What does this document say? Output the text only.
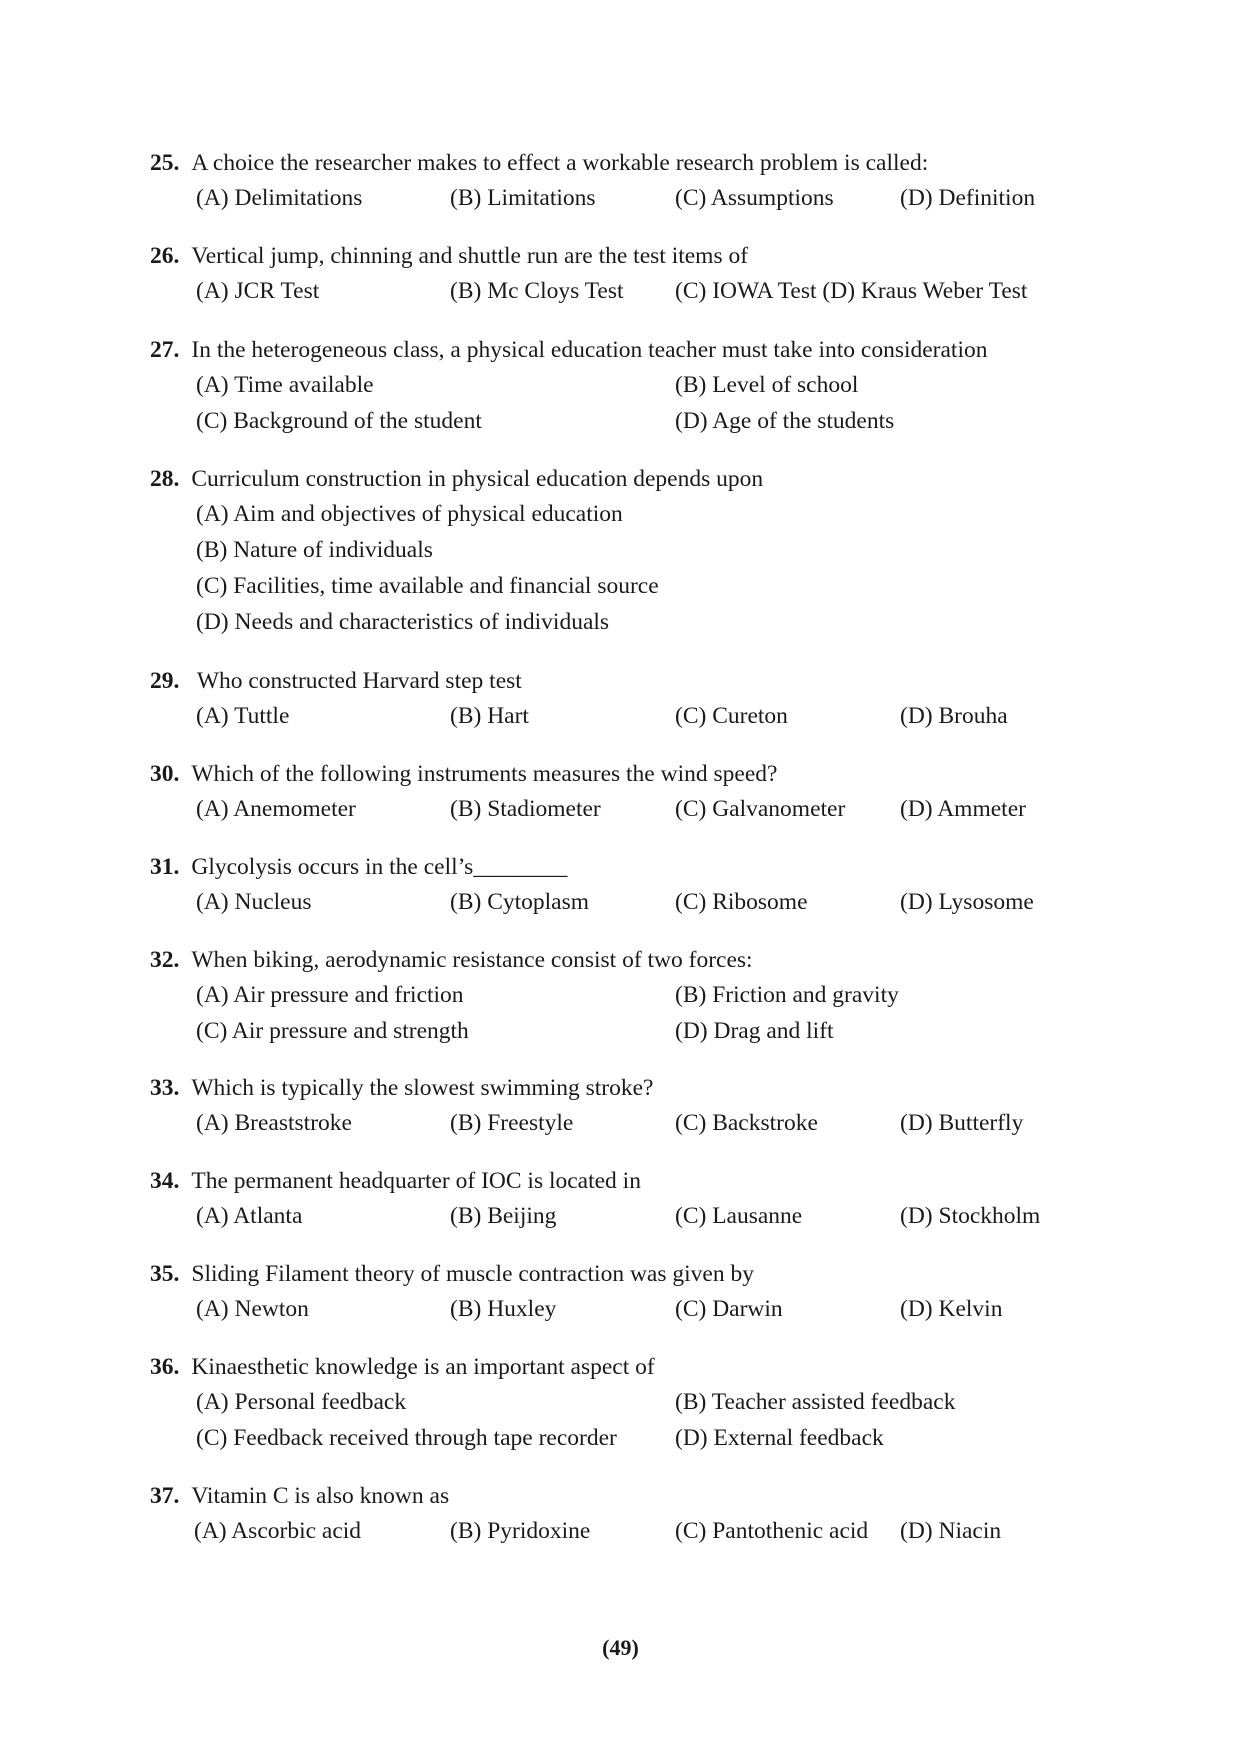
25. A choice the researcher makes to effect a workable research problem is called:
(A) Delimitations	(B) Limitations	(C) Assumptions	(D) Definition
26. Vertical jump, chinning and shuttle run are the test items of
(A) JCR Test	(B) Mc Cloys Test (C) IOWA Test (D) Kraus Weber Test
27. In the heterogeneous class, a physical education teacher must take into consideration
(A) Time available	(B) Level of school
(C) Background of the student	(D) Age of the students
28. Curriculum construction in physical education depends upon
(A) Aim and objectives of physical education
(B) Nature of individuals
(C) Facilities, time available and financial source
(D) Needs and characteristics of individuals
29. Who constructed Harvard step test
(A) Tuttle	(B) Hart	(C) Cureton	(D) Brouha
30. Which of the following instruments measures the wind speed?
(A) Anemometer	(B) Stadiometer	(C) Galvanometer (D) Ammeter
31. Glycolysis occurs in the cell’s________
(A) Nucleus	(B) Cytoplasm	(C) Ribosome	(D) Lysosome
32. When biking, aerodynamic resistance consist of two forces:
(A) Air pressure and friction	(B) Friction and gravity
(C) Air pressure and strength	(D) Drag and lift
33. Which is typically the slowest swimming stroke?
(A) Breaststroke	(B) Freestyle	(C) Backstroke	(D) Butterfly
34. The permanent headquarter of IOC is located in
(A) Atlanta	(B) Beijing	(C) Lausanne	(D) Stockholm
35. Sliding Filament theory of muscle contraction was given by
(A) Newton	(B) Huxley	(C) Darwin	(D) Kelvin
36. Kinaesthetic knowledge is an important aspect of
(A) Personal feedback	(B) Teacher assisted feedback
(C) Feedback received through tape recorder (D) External feedback
37. Vitamin C is also known as
(A) Ascorbic acid	(B) Pyridoxine	(C) Pantothenic acid (D) Niacin
(49)
